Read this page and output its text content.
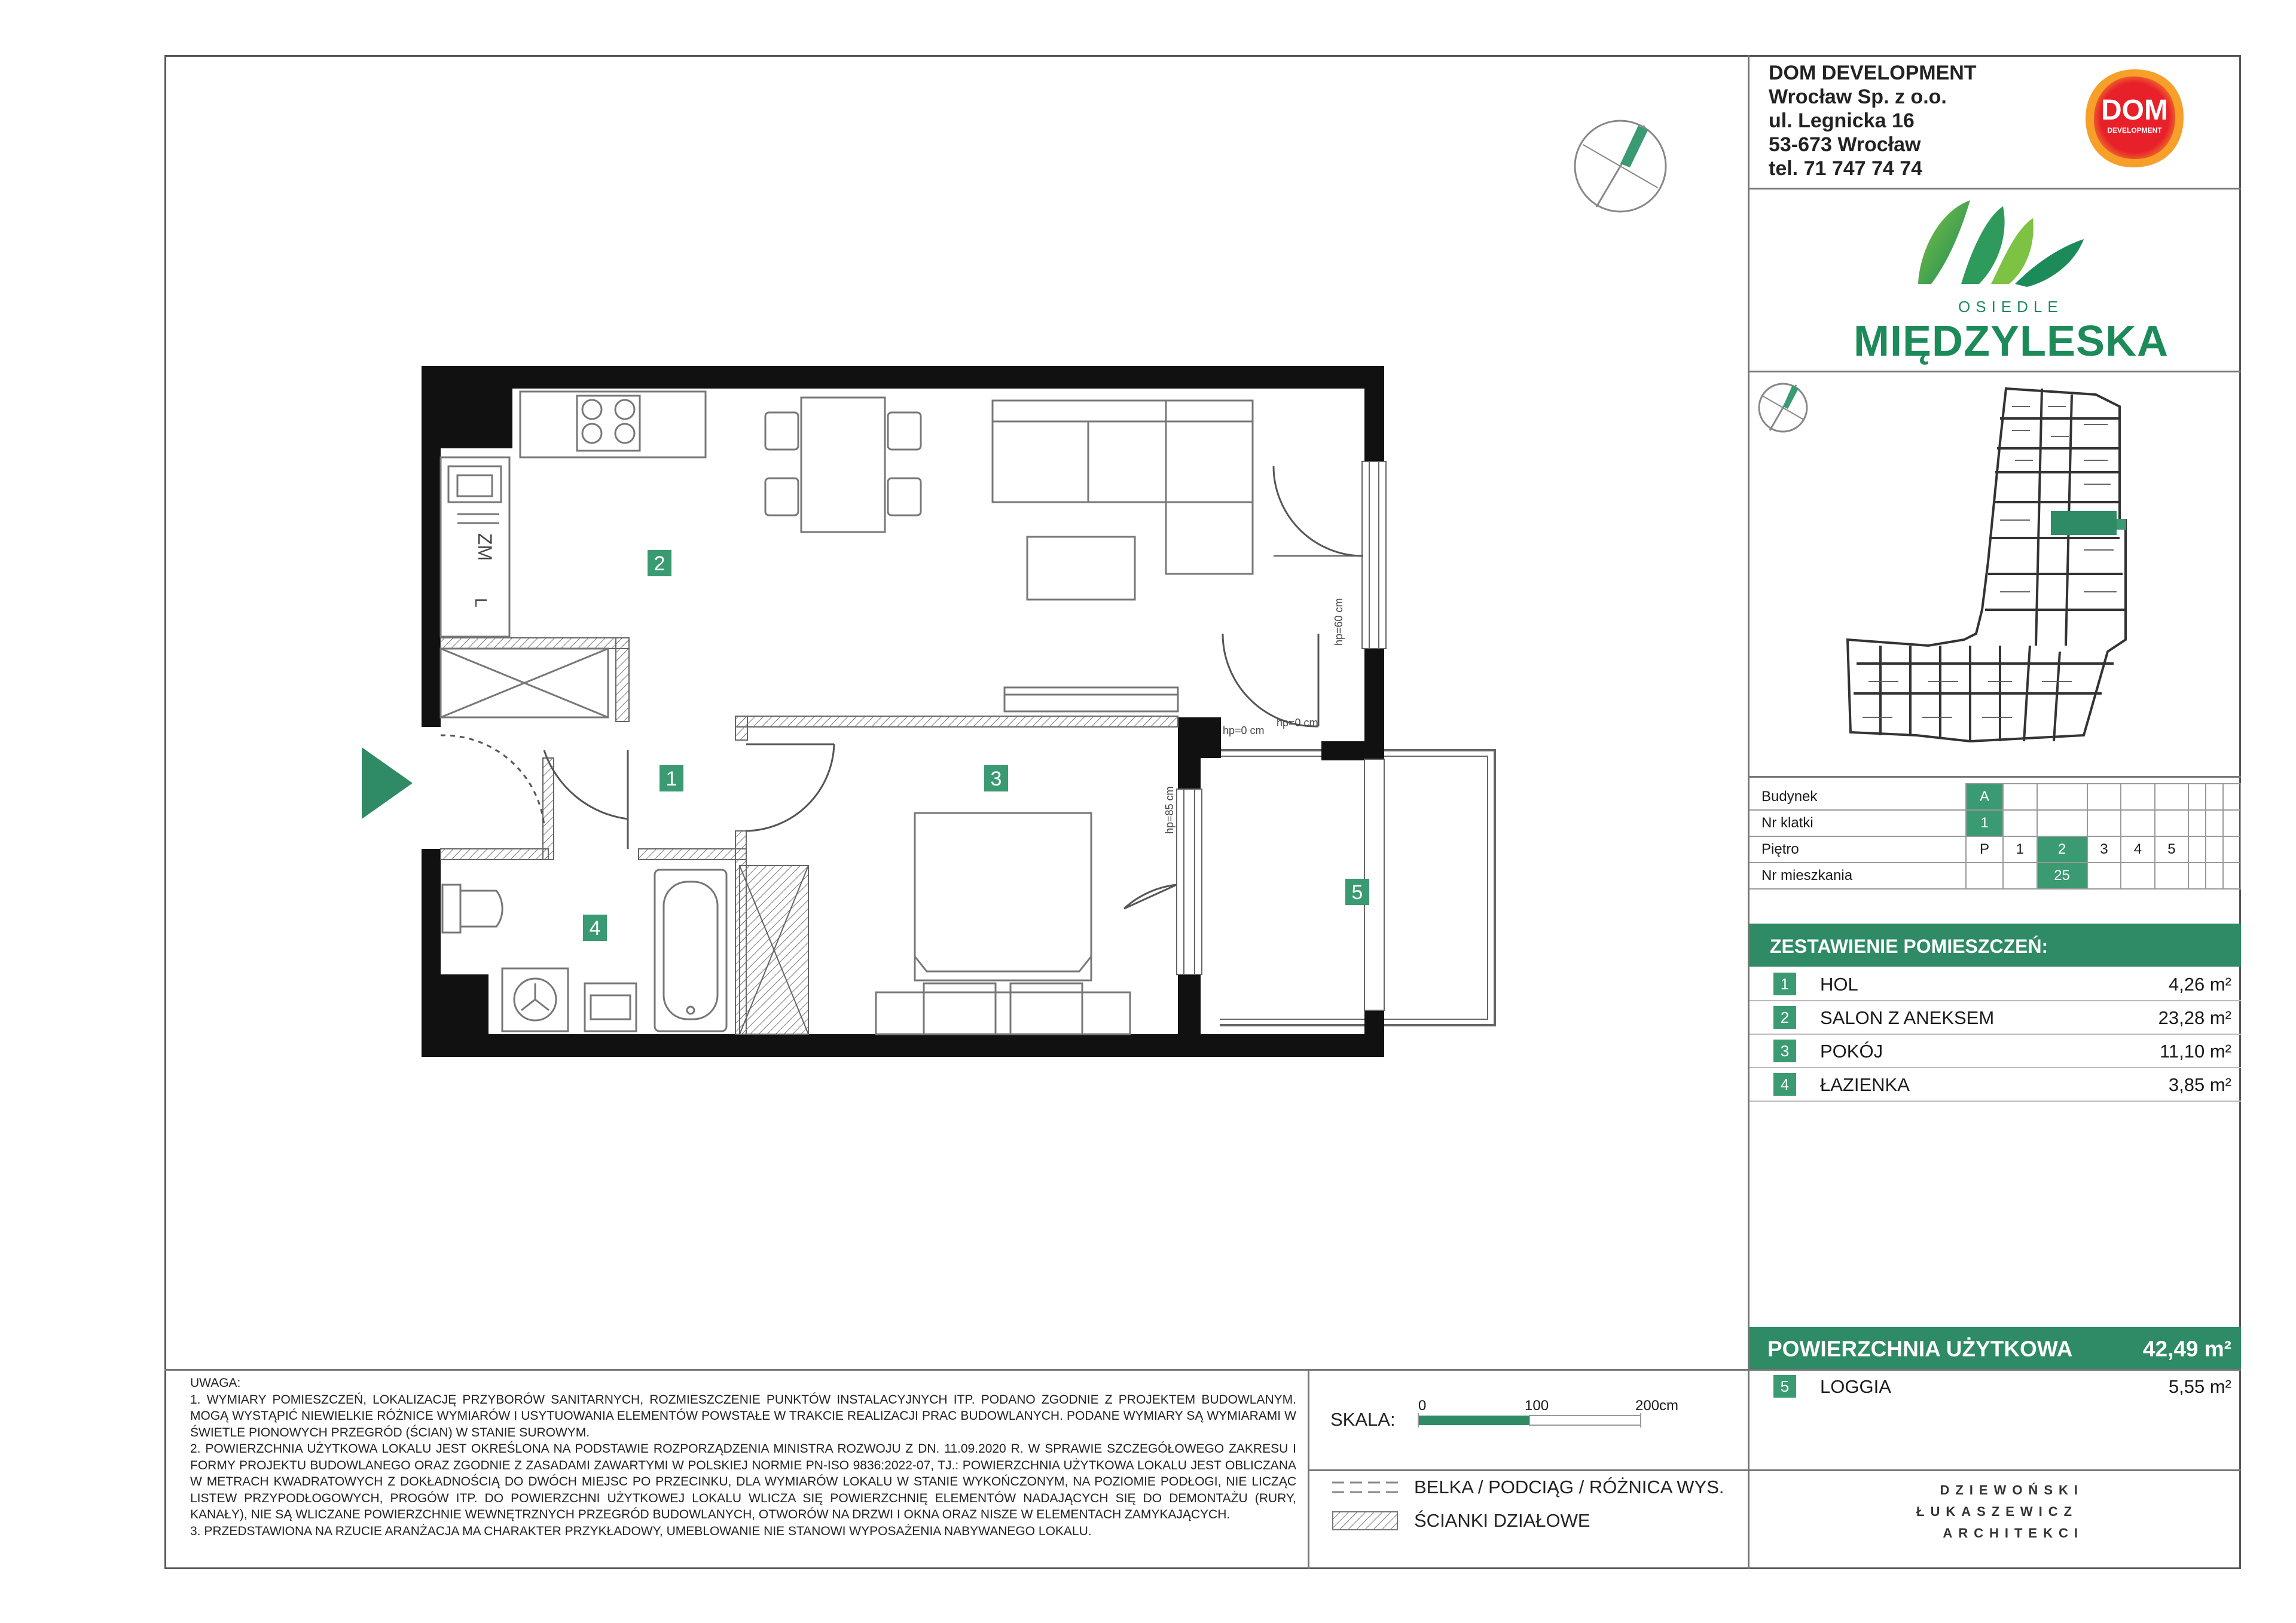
DOM DEVELOPMENT
Wrocław Sp. z o.o.
ul. Legnicka 16
53-673 Wrocław
tel. 71 747 74 74
DOM
DEVELOPMENT
OSIEDLE
MIĘDZYLESKA
Budynek	A								
Nr klatki	1								
Piętro	P	1	2	3	4	5			
Nr mieszkania			25						
ZESTAWIENIE POMIESZCZEŃ:
1	HOL	4,26 m²
2	SALON Z ANEKSEM	23,28 m²
3	POKÓJ	11,10 m²
4	ŁAZIENKA	3,85 m²
POWIERZCHNIA UŻYTKOWA	42,49 m²
5	LOGGIA	5,55 m²
UWAGA:
1. WYMIARY POMIESZCZEŃ, LOKALIZACJĘ PRZYBORÓW SANITARNYCH, ROZMIESZCZENIE PUNKTÓW INSTALACYJNYCH ITP. PODANO ZGODNIE Z PROJEKTEM BUDOWLANYM. MOGĄ WYSTĄPIĆ NIEWIELKIE RÓŻNICE WYMIARÓW I USYTUOWANIA ELEMENTÓW POWSTAŁE W TRAKCIE REALIZACJI PRAC BUDOWLANYCH. PODANE WYMIARY SĄ WYMIARAMI W ŚWIETLE PIONOWYCH PRZEGRÓD (ŚCIAN) W STANIE SUROWYM.
2. POWIERZCHNIA UŻYTKOWA LOKALU JEST OKREŚLONA NA PODSTAWIE ROZPORZĄDZENIA MINISTRA ROZWOJU Z DN. 11.09.2020 R. W SPRAWIE SZCZEGÓŁOWEGO ZAKRESU I FORMY PROJEKTU BUDOWLANEGO ORAZ ZGODNIE Z ZASADAMI ZAWARTYMI W POLSKIEJ NORMIE PN-ISO 9836:2022-07, TJ.: POWIERZCHNIA UŻYTKOWA LOKALU JEST OBLICZANA W METRACH KWADRATOWYCH Z DOKŁADNOŚCIĄ DO DWÓCH MIEJSC PO PRZECINKU, DLA WYMIARÓW LOKALU W STANIE WYKOŃCZONYM, NA POZIOMIE PODŁOGI, NIE LICZĄC LISTEW PRZYPODŁOGOWYCH, PROGÓW ITP. DO POWIERZCHNI UŻYTKOWEJ LOKALU WLICZA SIĘ POWIERZCHNIĘ ELEMENTÓW NADAJĄCYCH SIĘ DO DEMONTAŻU (RURY, KANAŁY), NIE SĄ WLICZANE POWIERZCHNIE WEWNĘTRZNYCH PRZEGRÓD BUDOWLANYCH, OTWORÓW NA DRZWI I OKNA ORAZ NISZE W ELEMENTACH ZAMYKAJĄCYCH.
3. PRZEDSTAWIONA NA RZUCIE ARANŻACJA MA CHARAKTER PRZYKŁADOWY, UMEBLOWANIE NIE STANOWI WYPOSAŻENIA NABYWANEGO LOKALU.
SKALA:
0	100	200cm
BELKA / PODCIĄG / RÓŻNICA WYS.
ŚCIANKI DZIAŁOWE
DZIEWOŃSKI
ŁUKASZEWICZ
ARCHITEKCI
ZM
L	hp=60 cm
hp=0 cm
hp=0 cm
hp=85 cm
2
1	3
4
5
